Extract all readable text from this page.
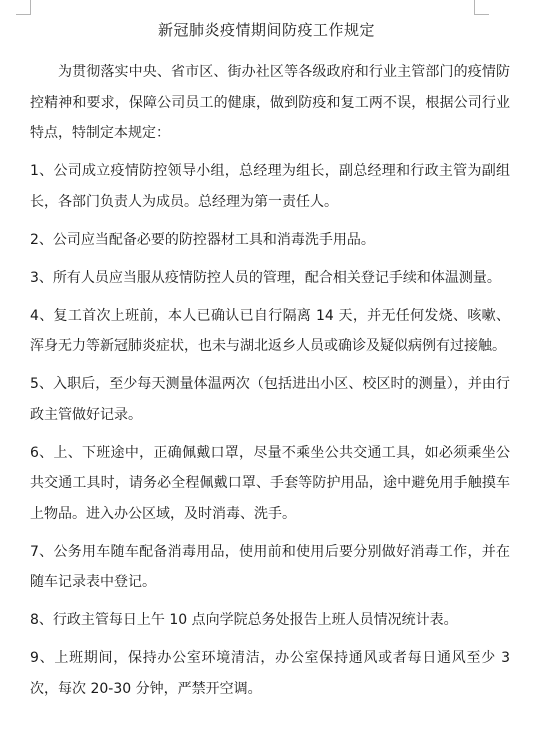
新冠肺炎疫情期间防疫工作规定

为贯彻落实中央、省市区、街办社区等各级政府和行业主管部门的疫情防控精神和要求，保障公司员工的健康，做到防疫和复工两不误，根据公司行业特点，特制定本规定：

1、公司成立疫情防控领导小组，总经理为组长，副总经理和行政主管为副组长，各部门负责人为成员。总经理为第一责任人。

2、公司应当配备必要的防控器材工具和消毒洗手用品。

3、所有人员应当服从疫情防控人员的管理，配合相关登记手续和体温测量。

4、复工首次上班前，本人已确认已自行隔离 14 天，并无任何发烧、咳嗽、浑身无力等新冠肺炎症状，也未与湖北返乡人员或确诊及疑似病例有过接触。

5、入职后，至少每天测量体温两次（包括进出小区、校区时的测量），并由行政主管做好记录。

6、上、下班途中，正确佩戴口罩，尽量不乘坐公共交通工具，如必须乘坐公共交通工具时，请务必全程佩戴口罩、手套等防护用品，途中避免用手触摸车上物品。进入办公区域，及时消毒、洗手。

7、公务用车随车配备消毒用品，使用前和使用后要分别做好消毒工作，并在随车记录表中登记。

8、行政主管每日上午 10 点向学院总务处报告上班人员情况统计表。

9、上班期间，保持办公室环境清洁，办公室保持通风或者每日通风至少 3 次，每次 20-30 分钟，严禁开空调。
